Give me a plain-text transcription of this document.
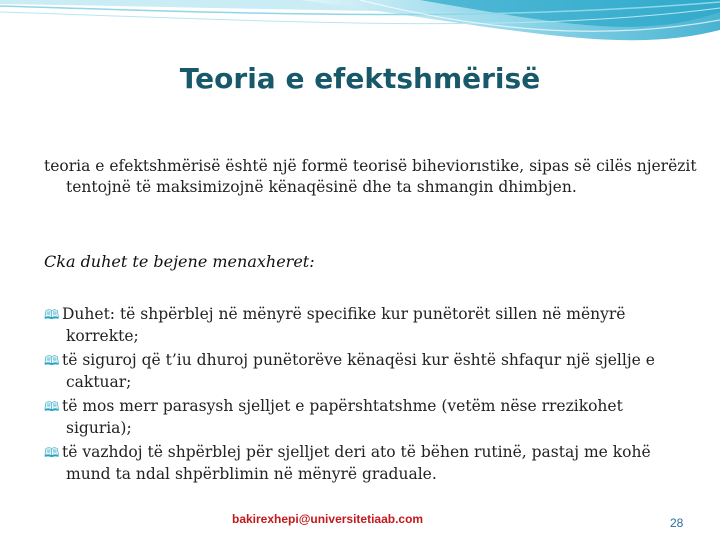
Teoria e efektshmërisë
teoria e efektshmërisë është një formë teorisë biheviorıstike, sipas së cilës njerëzit tentojnë të maksimizojnë kënaqësinë dhe ta shmangin dhimbjen.
Cka duhet te bejene menaxheret:
🕮︎ Duhet: të shpërblej në mënyrë specifike kur punëtorët sillen në mënyrë korrekte;
🕮︎ të siguroj që t’iu dhuroj punëtorëve kënaqësi kur është shfaqur një sjellje e caktuar;
🕮︎ të mos merr parasysh sjelljet e papërshtatshme (vetëm nëse rrezikohet siguria);
🕮︎ të vazhdoj të shpërblej për sjelljet deri ato të bëhen rutinë, pastaj me kohë mund ta ndal shpërblimin në mënyrë graduale.
bakirexhepi@universitetiaab.com	28
